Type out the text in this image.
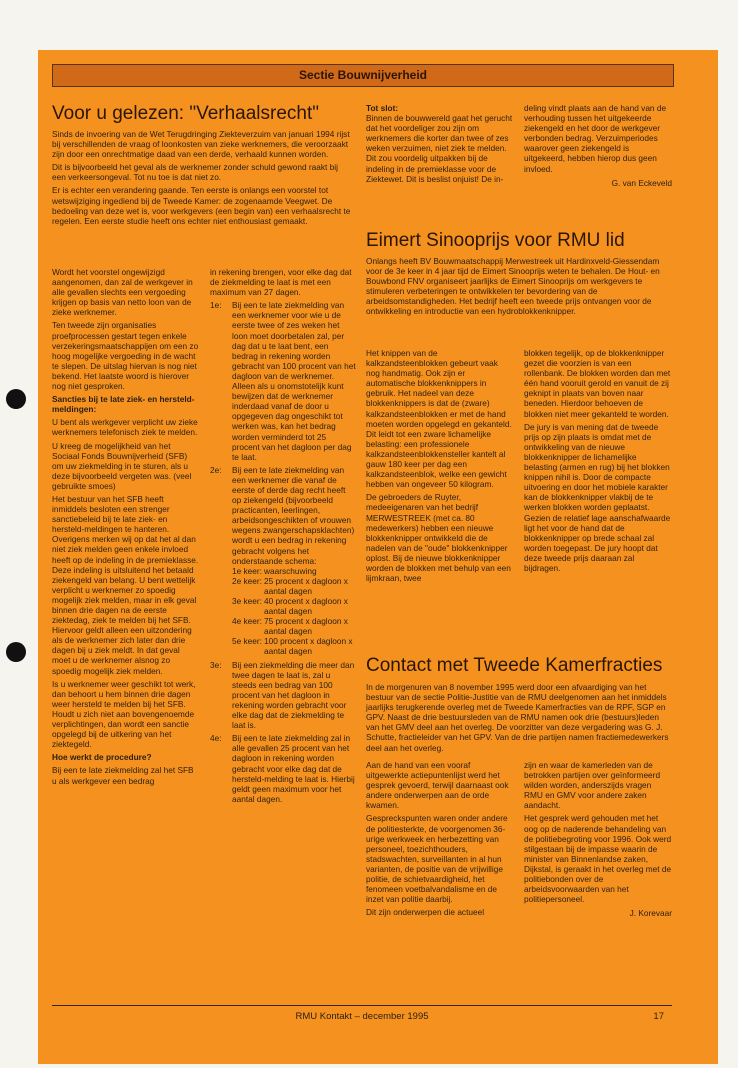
Sectie Bouwnijverheid
Voor u gelezen: "Verhaalsrecht"

Sinds de invoering van de Wet Terugdringing Ziekteverzuim van januari 1994 rijst bij verschillenden de vraag of loonkosten van zieke werknemers, die veroorzaakt zijn door een onrechtmatige daad van een derde, verhaald kunnen worden.

Dit is bijvoorbeeld het geval als de werknemer zonder schuld gewond raakt bij een verkeersongeval. Tot nu toe is dat niet zo.

Er is echter een verandering gaande. Ten eerste is onlangs een voorstel tot wetswijziging ingediend bij de Tweede Kamer: de zogenaamde Veegwet. De bedoeling van deze wet is, voor werkgevers (een begin van) een verhaalsrecht te regelen. Een eerste studie heeft ons echter niet enthousiast gemaakt.

Wordt het voorstel ongewijzigd aangenomen, dan zal de werkgever in alle gevallen slechts een vergoeding krijgen op basis van netto loon van de zieke werknemer.

Ten tweede zijn organisaties proefprocessen gestart tegen enkele verzekeringsmaatschappijen om een zo hoog mogelijke vergoeding in de wacht te slepen. De uitslag hiervan is nog niet bekend. Het laatste woord is hierover nog niet gesproken.

Sancties bij te late ziek- en hersteld-meldingen:

U bent als werkgever verplicht uw zieke werknemers telefonisch ziek te melden.

U kreeg de mogelijkheid van het Sociaal Fonds Bouwnijverheid (SFB) om uw ziekmelding in te sturen, als u deze bijvoorbeeld vergeten was. (veel gebruikte smoes)

Het bestuur van het SFB heeft inmiddels besloten een strenger sanctiebeleid bij te late ziek- en hersteld-meldingen te hanteren. Overigens merken wij op dat het al dan niet ziek melden geen enkele invloed heeft op de indeling in de premieklasse. Deze indeling is uitsluitend het betaald ziekengeld van belang. U bent wettelijk verplicht u werknemer zo spoedig mogelijk ziek melden, maar in elk geval binnen drie dagen na de eerste ziektedag, ziek te melden bij het SFB. Hiervoor geldt alleen een uitzondering als de werknemer zich later dan drie dagen bij u ziek meldt. In dat geval moet u de werknemer alsnog zo spoedig mogelijk ziek melden.

Is u werknemer weer geschikt tot werk, dan behoort u hem binnen drie dagen weer hersteld te melden bij het SFB. Houdt u zich niet aan bovengenoemde verplichtingen, dan wordt een sanctie opgelegd bij de uitkering van het ziektegeld.

Hoe werkt de procedure?

Bij een te late ziekmelding zal het SFB u als werkgever een bedrag

in rekening brengen, voor elke dag dat de ziekmelding te laat is met een maximum van 27 dagen.

1e:	Bij een te late ziekmelding van een werknemer voor wie u de eerste twee of zes weken het loon moet doorbetalen zal, per dag dat u te laat bent, een bedrag in rekening worden gebracht van 100 procent van het dagloon van de werknemer. Alleen als u onomstotelijk kunt bewijzen dat de werknemer inderdaad vanaf de door u opgegeven dag ongeschikt tot werken was, kan het bedrag worden verminderd tot 25 procent van het dagloon per dag te laat.
2e:	Bij een te late ziekmelding van een werknemer die vanaf de eerste of derde dag recht heeft op ziekengeld (bijvoorbeeld practicanten, leerlingen, arbeidsongeschikten of vrouwen wegens zwangerschapsklachten) wordt u een bedrag in rekening gebracht volgens het onderstaande schema:
1e keer: waarschuwing
2e keer: 25 procent x dagloon x aantal dagen
3e keer: 40 procent x dagloon x aantal dagen
4e keer: 75 procent x dagloon x aantal dagen
5e keer: 100 procent x dagloon x aantal dagen
3e:	Bij een ziekmelding die meer dan twee dagen te laat is, zal u steeds een bedrag van 100 procent van het dagloon in rekening worden gebracht voor elke dag dat de ziekmelding te laat is.
4e:	Bij een te late ziekmelding zal in alle gevallen 25 procent van het dagloon in rekening worden gebracht voor elke dag dat de hersteld-melding te laat is. Hierbij geldt geen maximum voor het aantal dagen.

Tot slot:

Binnen de bouwwereld gaat het gerucht dat het voordeliger zou zijn om werknemers die korter dan twee of zes weken verzuimen, niet ziek te melden. Dit zou voordelig uitpakken bij de indeling in de premieklasse voor de Ziektewet. Dit is beslist onjuist! De in-

deling vindt plaats aan de hand van de verhouding tussen het uitgekeerde ziekengeld en het door de werkgever verbonden bedrag. Verzuimperiodes waarover geen ziekengeld is uitgekeerd, hebben hierop dus geen invloed.

G. van Eckeveld
Eimert Sinooprijs voor RMU lid

Onlangs heeft BV Bouwmaatschappij Merwestreek uit Hardinxveld-Giessendam voor de 3e keer in 4 jaar tijd de Eimert Sinooprijs weten te behalen. De Hout- en Bouwbond FNV organiseert jaarlijks de Eimert Sinooprijs om werkgevers te stimuleren verbeteringen te ontwikkelen ter bevordering van de arbeidsomstandigheden. Het bedrijf heeft een tweede prijs ontvangen voor de ontwikkeling en introductie van een hydroblokkenknipper.

Het knippen van de kalkzandsteenblokken gebeurt vaak nog handmatig. Ook zijn er automatische blokkenknippers in gebruik. Het nadeel van deze blokkenknippers is dat de (zware) kalkzandsteenblokken er met de hand moeten worden opgelegd en gekanteld. Dit leidt tot een zware lichamelijke belasting: een professionele kalkzandsteenblokkensteller kantelt al gauw 180 keer per dag een kalkzandsteenblok, welke een gewicht hebben van ongeveer 50 kilogram.

De gebroeders de Ruyter, medeeigenaren van het bedrijf MERWESTREEK (met ca. 80 medewerkers) hebben een nieuwe blokkenknipper ontwikkeld die de nadelen van de "oude" blokkenknipper oplost. Bij de nieuwe blokkenknipper worden de blokken met behulp van een lijmkraan, twee

blokken tegelijk, op de blokkenknipper gezet die voorzien is van een rollenbank. De blokken worden dan met één hand vooruit gerold en vanuit de zij geknipt in plaats van boven naar beneden. Hierdoor behoeven de blokken niet meer gekanteld te worden.

De jury is van mening dat de tweede prijs op zijn plaats is omdat met de ontwikkeling van de nieuwe blokkenknipper de lichamelijke belasting (armen en rug) bij het blokken knippen nihil is. Door de compacte uitvoering en door het mobiele karakter kan de blokkenknipper vlakbij de te werken blokken worden geplaatst. Gezien de relatief lage aanschafwaarde ligt het voor de hand dat de blokkenknipper op brede schaal zal worden toegepast. De jury hoopt dat deze tweede prijs daaraan zal bijdragen.

Contact met Tweede Kamerfracties

In de morgenuren van 8 november 1995 werd door een afvaardiging van het bestuur van de sectie Politie-Justitie van de RMU deelgenomen aan het inmiddels jaarlijks terugkerende overleg met de Tweede Kamerfracties van de RPF, SGP en GPV. Naast de drie bestuursleden van de RMU namen ook drie (bestuurs)leden van het GMV deel aan het overleg. De voorzitter van deze vergadering was G. J. Schutte, fractieleider van het GPV. Van de drie partijen namen fractiemedewerkers deel aan het overleg.

Aan de hand van een vooraf uitgewerkte actiepuntenlijst werd het gesprek gevoerd, terwijl daarnaast ook andere onderwerpen aan de orde kwamen.

Gespreckspunten waren onder andere de politiesterkte, de voorgenomen 36-urige werkweek en herbezetting van personeel, toezichthouders, stadswachten, surveillanten in al hun varianten, de positie van de vrijwillige politie, de schietvaardigheid, het fenomeen voetbalvandalisme en de inzet van politie daarbij.

Dit zijn onderwerpen die actueel

zijn en waar de kamerleden van de betrokken partijen over geïnformeerd wilden worden, anderszijds vragen RMU en GMV voor andere zaken aandacht.

Het gesprek werd gehouden met het oog op de naderende behandeling van de politiebegroting voor 1996. Ook werd stilgestaan bij de impasse waarin de minister van Binnenlandse zaken, Dijkstal, is geraakt in het overleg met de politiebonden over de arbeidsvoorwaarden van het politiepersoneel.

J. Korevaar
RMU Kontakt – december 1995	17
